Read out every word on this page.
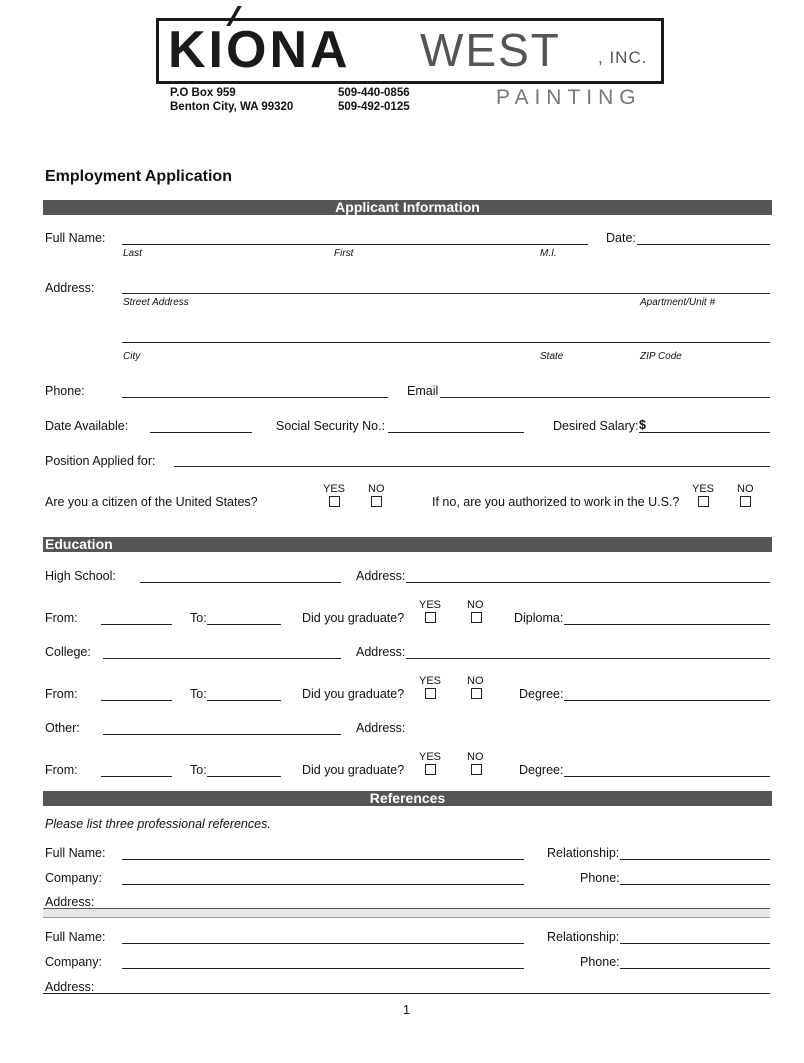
KIONA WEST , INC.
PAINTING
P.O Box 959
Benton City, WA 99320
509-440-0856
509-492-0125
Employment Application
Applicant Information
Full Name:	Date:
Last	First	M.I.
Address:
Street Address	Apartment/Unit #
City	State	ZIP Code
Phone:	Email
Date Available:	Social Security No.:	Desired Salary: $
Position Applied for:
YES NO
Are you a citizen of the United States?
YES NO
If no, are you authorized to work in the U.S.?
Education
High School:	Address:
YES NO
From:	To:	Did you graduate?	Diploma:
College:	Address:
YES NO
From:	To:	Did you graduate?	Degree:
Other:	Address:
YES NO
From:	To:	Did you graduate?	Degree:
References
Please list three professional references.
Full Name:	Relationship:
Company:	Phone:
Address:
Full Name:	Relationship:
Company:	Phone:
Address:
1
